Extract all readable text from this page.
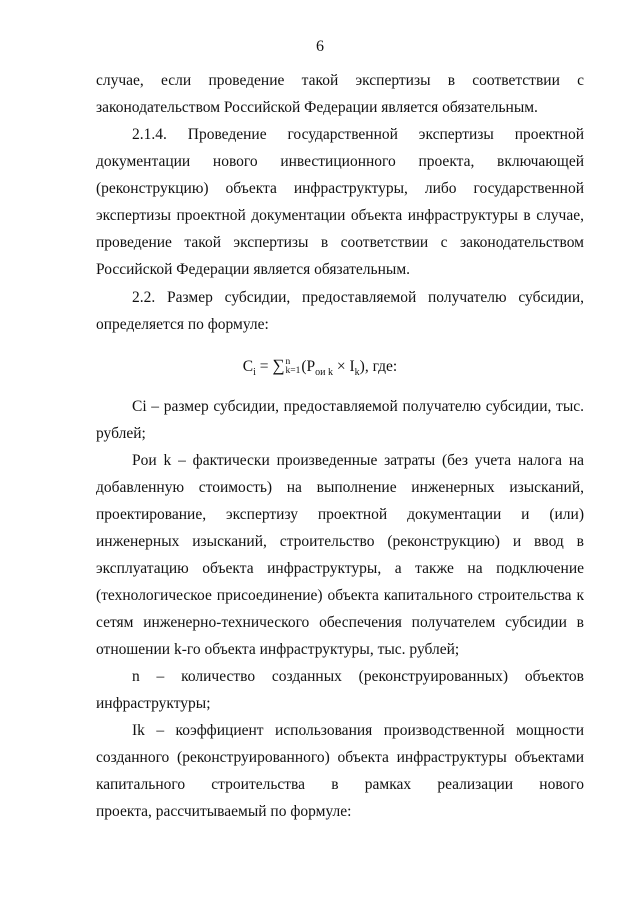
6
случае, если проведение такой экспертизы в соответствии с
законодательством Российской Федерации является обязательным.
2.1.4. Проведение государственной экспертизы проектной
документации нового инвестиционного проекта, включающей
(реконструкцию) объекта инфраструктуры, либо государственной
экспертизы проектной документации объекта инфраструктуры в случае,
проведение такой экспертизы в соответствии с законодательством
Российской Федерации является обязательным.
2.2. Размер субсидии, предоставляемой получателю субсидии,
определяется по формуле:
$C_i$ = ∑ n
k=1 $(P_{ои k} \times I_k)$, где:
Ci – размер субсидии, предоставляемой получателю субсидии, тыс.
рублей;
Pои k – фактически произведенные затраты (без учета налога на
добавленную стоимость) на выполнение инженерных изысканий,
проектирование, экспертизу проектной документации и (или)
инженерных изысканий, строительство (реконструкцию) и ввод в
эксплуатацию объекта инфраструктуры, а также на подключение
(технологическое присоединение) объекта капитального строительства к
сетям инженерно-технического обеспечения получателем субсидии в
отношении k-го объекта инфраструктуры, тыс. рублей;
n – количество созданных (реконструированных) объектов
инфраструктуры;
Ik – коэффициент использования производственной мощности
созданного (реконструированного) объекта инфраструктуры объектами
капитального строительства в рамках реализации нового
проекта, рассчитываемый по формуле:
